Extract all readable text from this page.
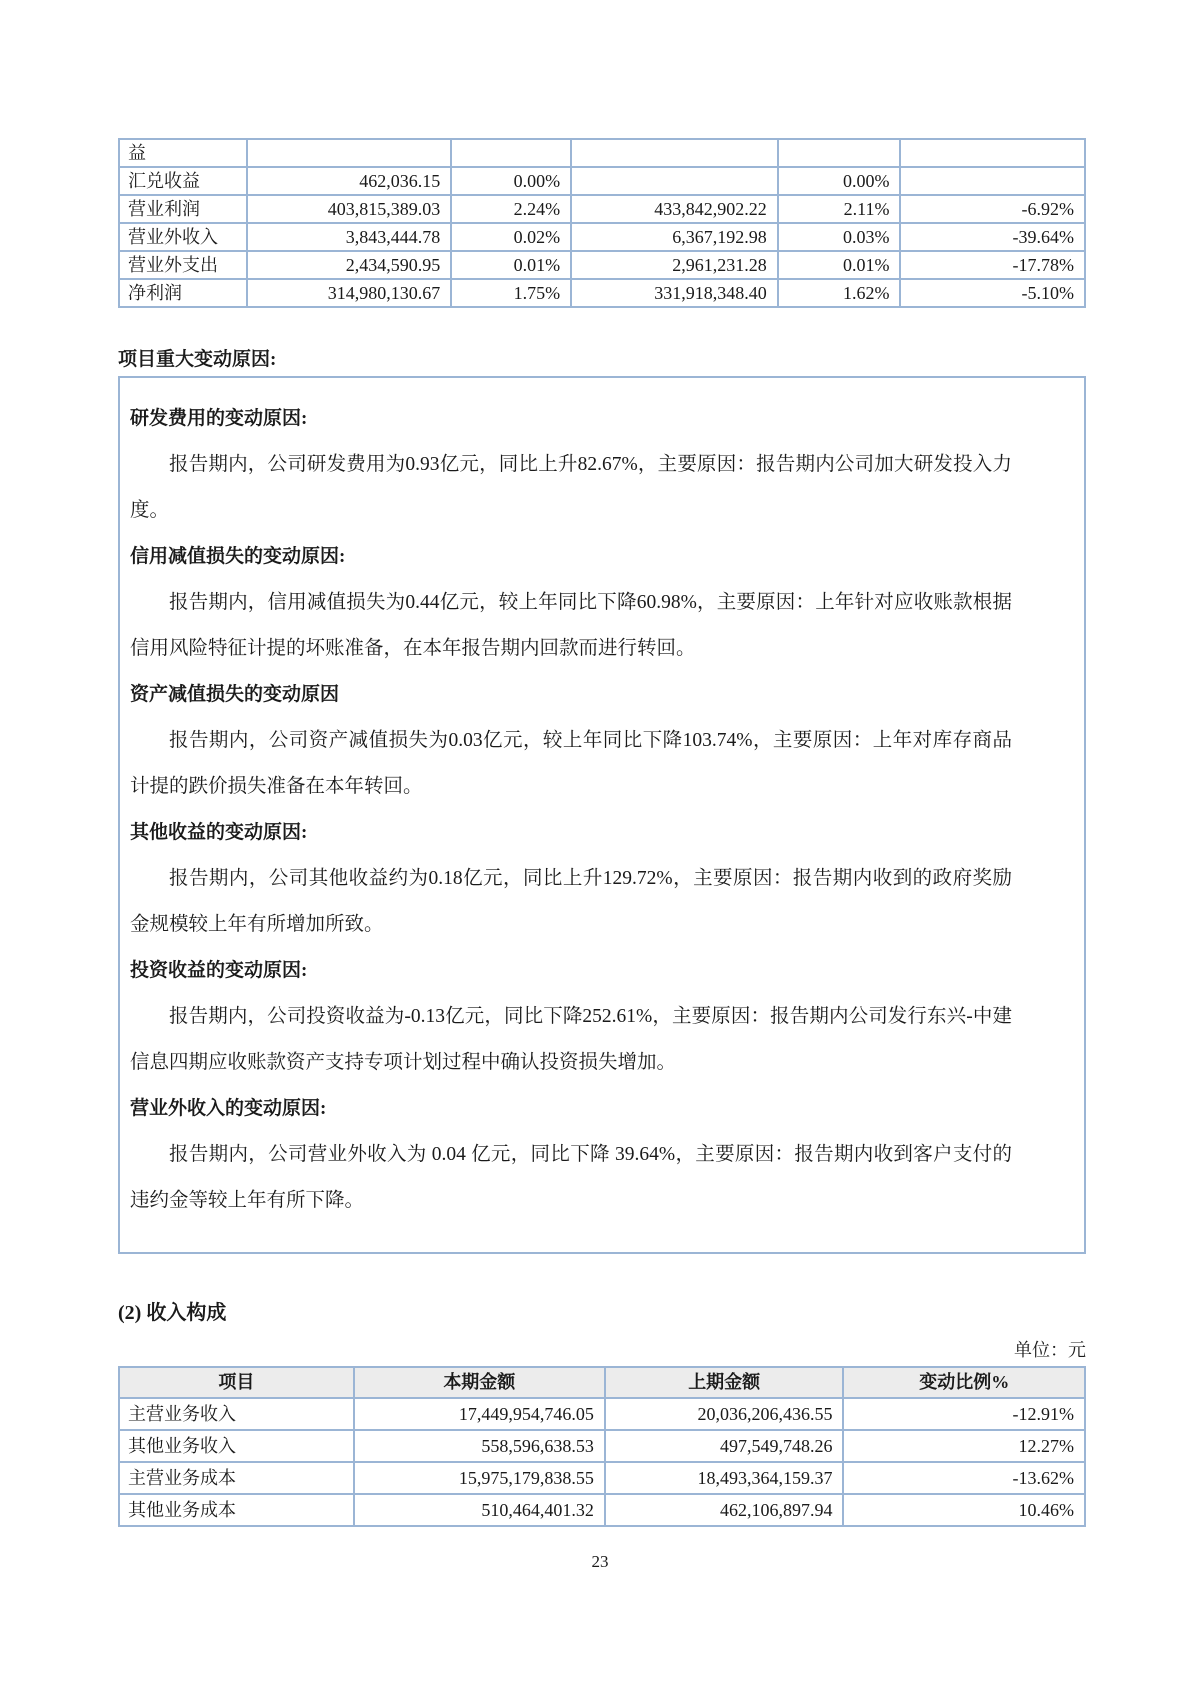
益					
汇兑收益	462,036.15	0.00%		0.00%	
营业利润	403,815,389.03	2.24%	433,842,902.22	2.11%	-6.92%
营业外收入	3,843,444.78	0.02%	6,367,192.98	0.03%	-39.64%
营业外支出	2,434,590.95	0.01%	2,961,231.28	0.01%	-17.78%
净利润	314,980,130.67	1.75%	331,918,348.40	1.62%	-5.10%
项目重大变动原因:

研发费用的变动原因:

报告期内，公司研发费用为0.93亿元，同比上升82.67%，主要原因：报告期内公司加大研发投入力度。

信用减值损失的变动原因:

报告期内，信用减值损失为0.44亿元，较上年同比下降60.98%，主要原因：上年针对应收账款根据信用风险特征计提的坏账准备，在本年报告期内回款而进行转回。

资产减值损失的变动原因

报告期内，公司资产减值损失为0.03亿元，较上年同比下降103.74%，主要原因：上年对库存商品计提的跌价损失准备在本年转回。

其他收益的变动原因:

报告期内，公司其他收益约为0.18亿元，同比上升129.72%，主要原因：报告期内收到的政府奖励金规模较上年有所增加所致。

投资收益的变动原因:

报告期内，公司投资收益为-0.13亿元，同比下降252.61%，主要原因：报告期内公司发行东兴-中建信息四期应收账款资产支持专项计划过程中确认投资损失增加。

营业外收入的变动原因:

报告期内，公司营业外收入为 0.04 亿元，同比下降 39.64%，主要原因：报告期内收到客户支付的违约金等较上年有所下降。

(2) 收入构成
单位：元
项目	本期金额	上期金额	变动比例%
主营业务收入	17,449,954,746.05	20,036,206,436.55	-12.91%
其他业务收入	558,596,638.53	497,549,748.26	12.27%
主营业务成本	15,975,179,838.55	18,493,364,159.37	-13.62%
其他业务成本	510,464,401.32	462,106,897.94	10.46%
23
